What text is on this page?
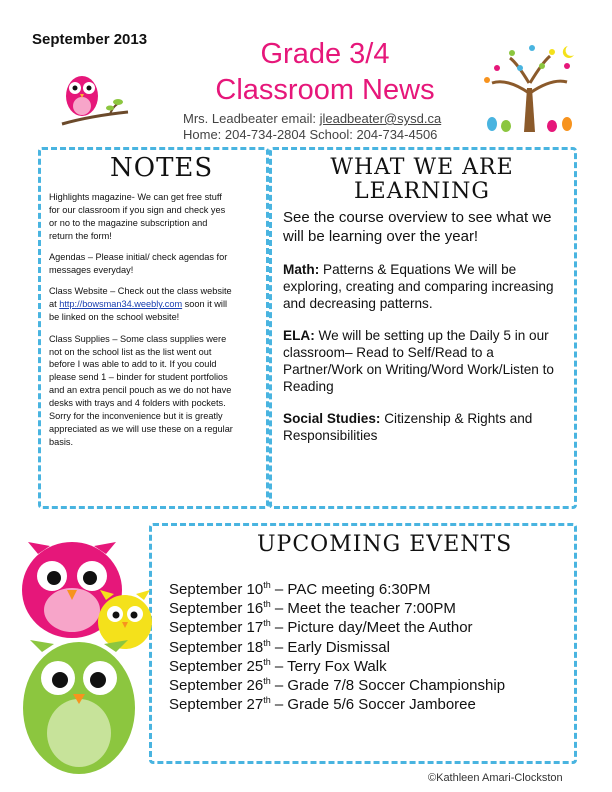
September 2013	Grade 3/4
Classroom News
Mrs. Leadbeater email: jleadbeater@sysd.ca
Home: 204-734-2804 School: 204-734-4506
NOTES	WHAT WE ARE
LEARNING
UPCOMING EVENTS

Highlights magazine- We can get free stuff for our classroom if you sign and check yes or no to the magazine subscription and return the form!

Agendas – Please initial/ check agendas for messages everyday!

Class Website – Check out the class website at http://bowsman34.weebly.com soon it will be linked on the school website!

Class Supplies – Some class supplies were not on the school list as the list went out before I was able to add to it. If you could please send 1 – binder for student portfolios and an extra pencil pouch as we do not have desks with trays and 4 folders with pockets. Sorry for the inconvenience but it is greatly appreciated as we will use these on a regular basis.

See the course overview to see what we will be learning over the year!

Math: Patterns & Equations We will be exploring, creating and comparing increasing and decreasing patterns.

ELA: We will be setting up the Daily 5 in our classroom– Read to Self/Read to a Partner/Work on Writing/Word Work/Listen to Reading

Social Studies: Citizenship & Rights and Responsibilities

September 10th – PAC meeting 6:30PM
September 16th – Meet the teacher 7:00PM
September 17th – Picture day/Meet the Author
September 18th – Early Dismissal
September 25th – Terry Fox Walk
September 26th – Grade 7/8 Soccer Championship
September 27th – Grade 5/6 Soccer Jamboree
©Kathleen Amari-Clockston
